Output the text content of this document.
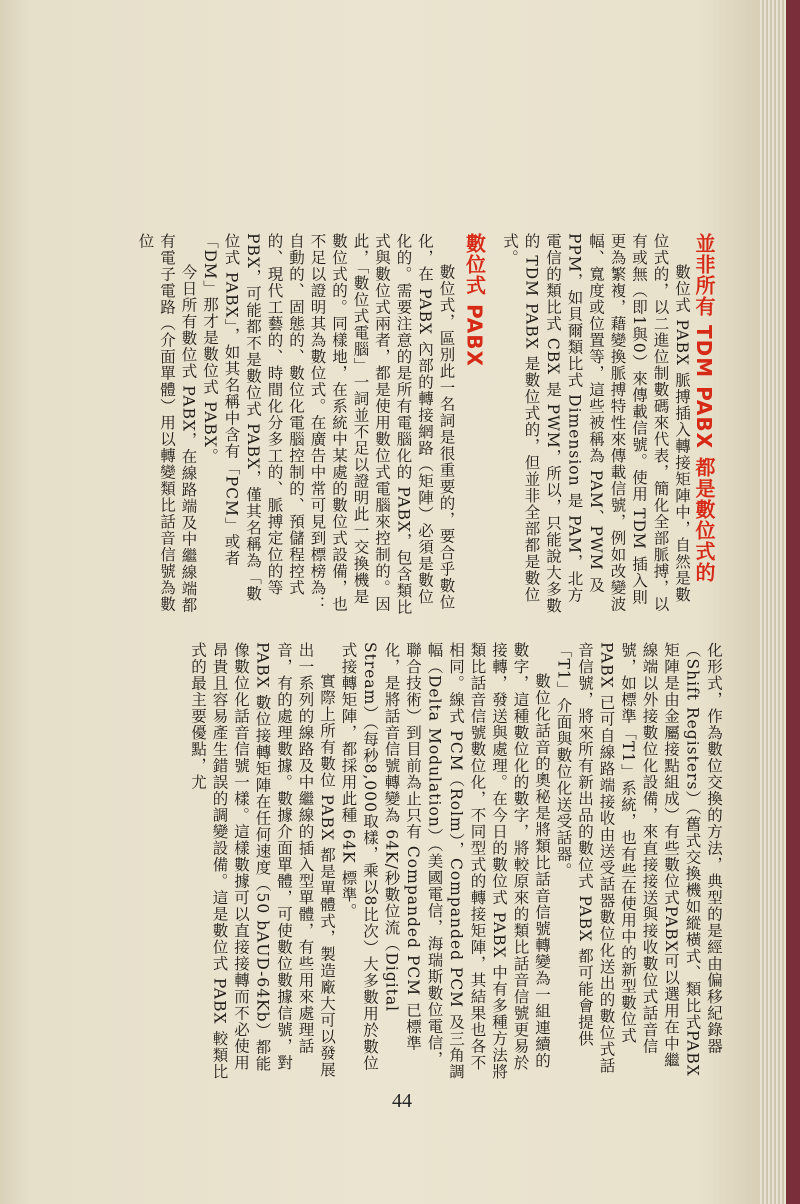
並非所有 TDM PABX 都是數位式的

數位式 PABX 脈搏插入轉接矩陣中，自然是數位式的，以二進位制數碼來代表，簡化全部脈搏，以有或無（即1與0）來傳載信號。使用 TDM 插入則更為繁複，藉變換脈搏特性來傳載信號，例如改變波幅、寬度或位置等，這些被稱為 PAM、PWM 及 PPM，如貝爾類比式 Dimension 是 PAM，北方電信的類比式 CBX 是 PWM，所以，只能說大多數的 TDM PABX 是數位式的，但並非全部都是數位式。

數位式 PABX

數位式，區別此一名詞是很重要的，要合乎數位化，在 PABX 內部的轉接網路（矩陣）必須是數位化的。需要注意的是所有電腦化的 PABX，包含類比式與數位式兩者，都是使用數位式電腦來控制的。因此，「數位式電腦」一詞並不足以證明此一交換機是數位式的。同樣地，在系統中某處的數位式設備，也不足以證明其為數位式。在廣告中常可見到標榜為：自動的、固態的、數位化電腦控制的、預儲程控式的、現代工藝的、時間化分多工的、脈搏定位的等 PBX，可能都不是數位式 PABX，僅其名稱為「數位式 PABX」，如其名稱中含有「PCM」或者「DM」那才是數位式 PABX。

今日所有數位式 PABX，在線路端及中繼線端都有電子電路（介面單體）用以轉變類比話音信號為數位

化形式，作為數位交換的方法，典型的是經由偏移紀錄器（Shift Registers）（舊式交換機如縱橫式、類比式PABX矩陣是由金屬接點組成）有些數位式PABX可以選用在中繼線端以外接數位化設備，來直接接送與接收數位式話音信號，如標準「T1」系統，也有些在使用中的新型數位式 PABX 已可自線路端接收由送受話器數位化送出的數位式話音信號，將來所有新出品的數位式 PABX 都可能會提供「T1」介面與數位化送受話器。

數位化話音的奧秘是將類比話音信號轉變為一組連續的數字，這種數位化的數字，將較原來的類比話音信號更易於接轉，發送與處理。在今日的數位式 PABX 中有多種方法將類比話音信號數位化，不同型式的轉接矩陣，其結果也各不相同。線式 PCM（Rolm），Companded PCM 及三角調幅（Delta Modulation）（美國電信，海瑞斯數位電信，聯合技術）到目前為止只有 Companded PCM 已標準化，是將話音信號轉變為 64K/秒數位流（Digital Stream）（每秒8,000取樣，乘以8比次）大多數用於數位式接轉矩陣，都採用此種 64K 標準。

實際上所有數位 PABX 都是單體式，製造廠大可以發展出一系列的線路及中繼線的插入型單體，有些用來處理話音，有的處理數據。數據介面單體，可使數位數據信號，對 PABX 數位接轉矩陣在任何速度（50 bAUD-64Kb）都能像數位化話音信號一樣。這樣數據可以直接接轉而不必使用昂貴且容易產生錯誤的調變設備。這是數位式 PABX 較類比式的最主要優點，尤

44
